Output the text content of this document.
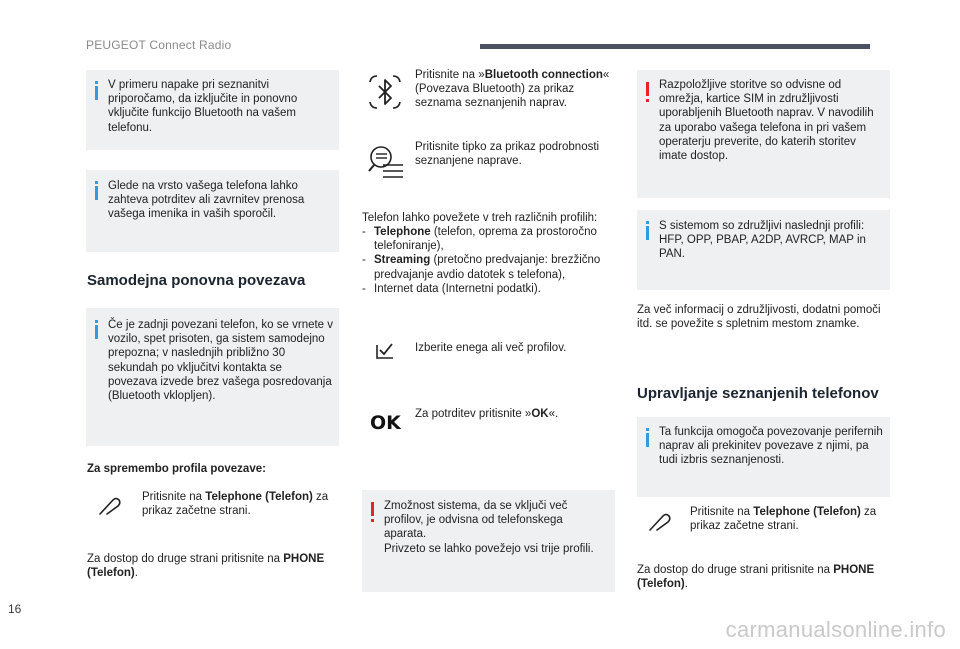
PEUGEOT Connect Radio

V primeru napake pri seznanitvi priporočamo, da izključite in ponovno vključite funkcijo Bluetooth na vašem telefonu.

Glede na vrsto vašega telefona lahko zahteva potrditev ali zavrnitev prenosa vašega imenika in vaših sporočil.

Samodejna ponovna povezava

Če je zadnji povezani telefon, ko se vrnete v vozilo, spet prisoten, ga sistem samodejno prepozna; v naslednjih približno 30 sekundah po vključitvi kontakta se povezava izvede brez vašega posredovanja (Bluetooth vklopljen).

Za spremembo profila povezave:
Pritisnite na Telephone (Telefon) za prikaz začetne strani.
Za dostop do druge strani pritisnite na PHONE (Telefon).
Pritisnite na »Bluetooth connection« (Povezava Bluetooth) za prikaz seznama seznanjenih naprav.
Pritisnite tipko za prikaz podrobnosti seznanjene naprave.
Telefon lahko povežete v treh različnih profilih:
- Telephone (telefon, oprema za prostoročno telefoniranje),
- Streaming (pretočno predvajanje: brezžično predvajanje avdio datotek s telefona),
- Internet data (Internetni podatki).
Izberite enega ali več profilov.
OK Za potrditev pritisnite »OK«.

Zmožnost sistema, da se vključi več profilov, je odvisna od telefonskega aparata.
Privzeto se lahko povežejo vsi trije profili.

Razpoložljive storitve so odvisne od omrežja, kartice SIM in združljivosti uporabljenih Bluetooth naprav. V navodilih za uporabo vašega telefona in pri vašem operaterju preverite, do katerih storitev imate dostop.

S sistemom so združljivi naslednji profili: HFP, OPP, PBAP, A2DP, AVRCP, MAP in PAN.

Za več informacij o združljivosti, dodatni pomoči itd. se povežite s spletnim mestom znamke.
Upravljanje seznanjenih telefonov

Ta funkcija omogoča povezovanje perifernih naprav ali prekinitev povezave z njimi, pa tudi izbris seznanjenosti.

Pritisnite na Telephone (Telefon) za prikaz začetne strani.
Za dostop do druge strani pritisnite na PHONE (Telefon).
16
carmanualsonline.info
